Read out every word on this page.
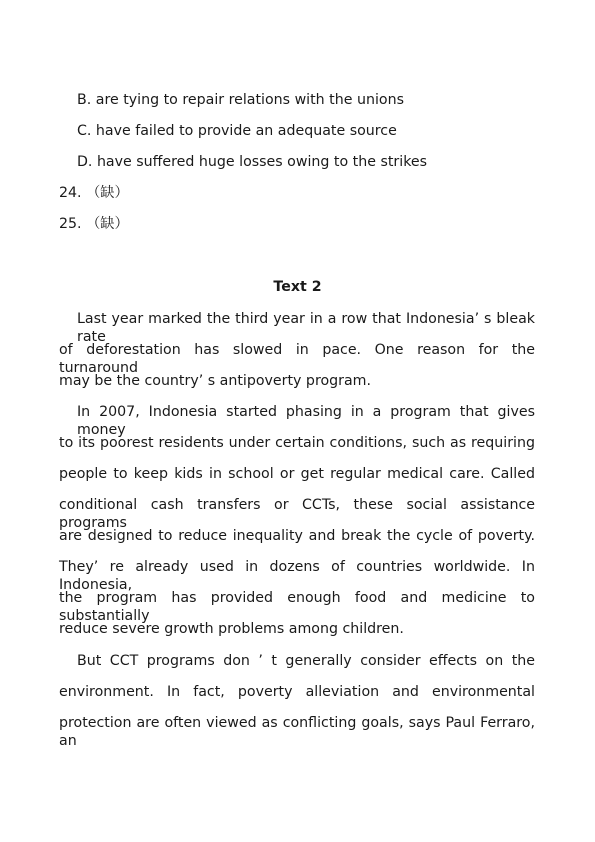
B. are tying to repair relations with the unions
C. have failed to provide an adequate source
D. have suffered huge losses owing to the strikes
24. （缺）
25. （缺）
Text 2
Last year marked the third year in a row that Indonesia’ s bleak rate
of deforestation has slowed in pace. One reason for the turnaround
may be the country’ s antipoverty program.
In 2007, Indonesia started phasing in a program that gives money
to its poorest residents under certain conditions, such as requiring
people to keep kids in school or get regular medical care. Called
conditional cash transfers or CCTs, these social assistance programs
are designed to reduce inequality and break the cycle of poverty.
They’ re already used in dozens of countries worldwide. In Indonesia,
the program has provided enough food and medicine to substantially
reduce severe growth problems among children.
But CCT programs don ’ t generally consider effects on the
environment. In fact, poverty alleviation and environmental
protection are often viewed as conflicting goals, says Paul Ferraro, an
